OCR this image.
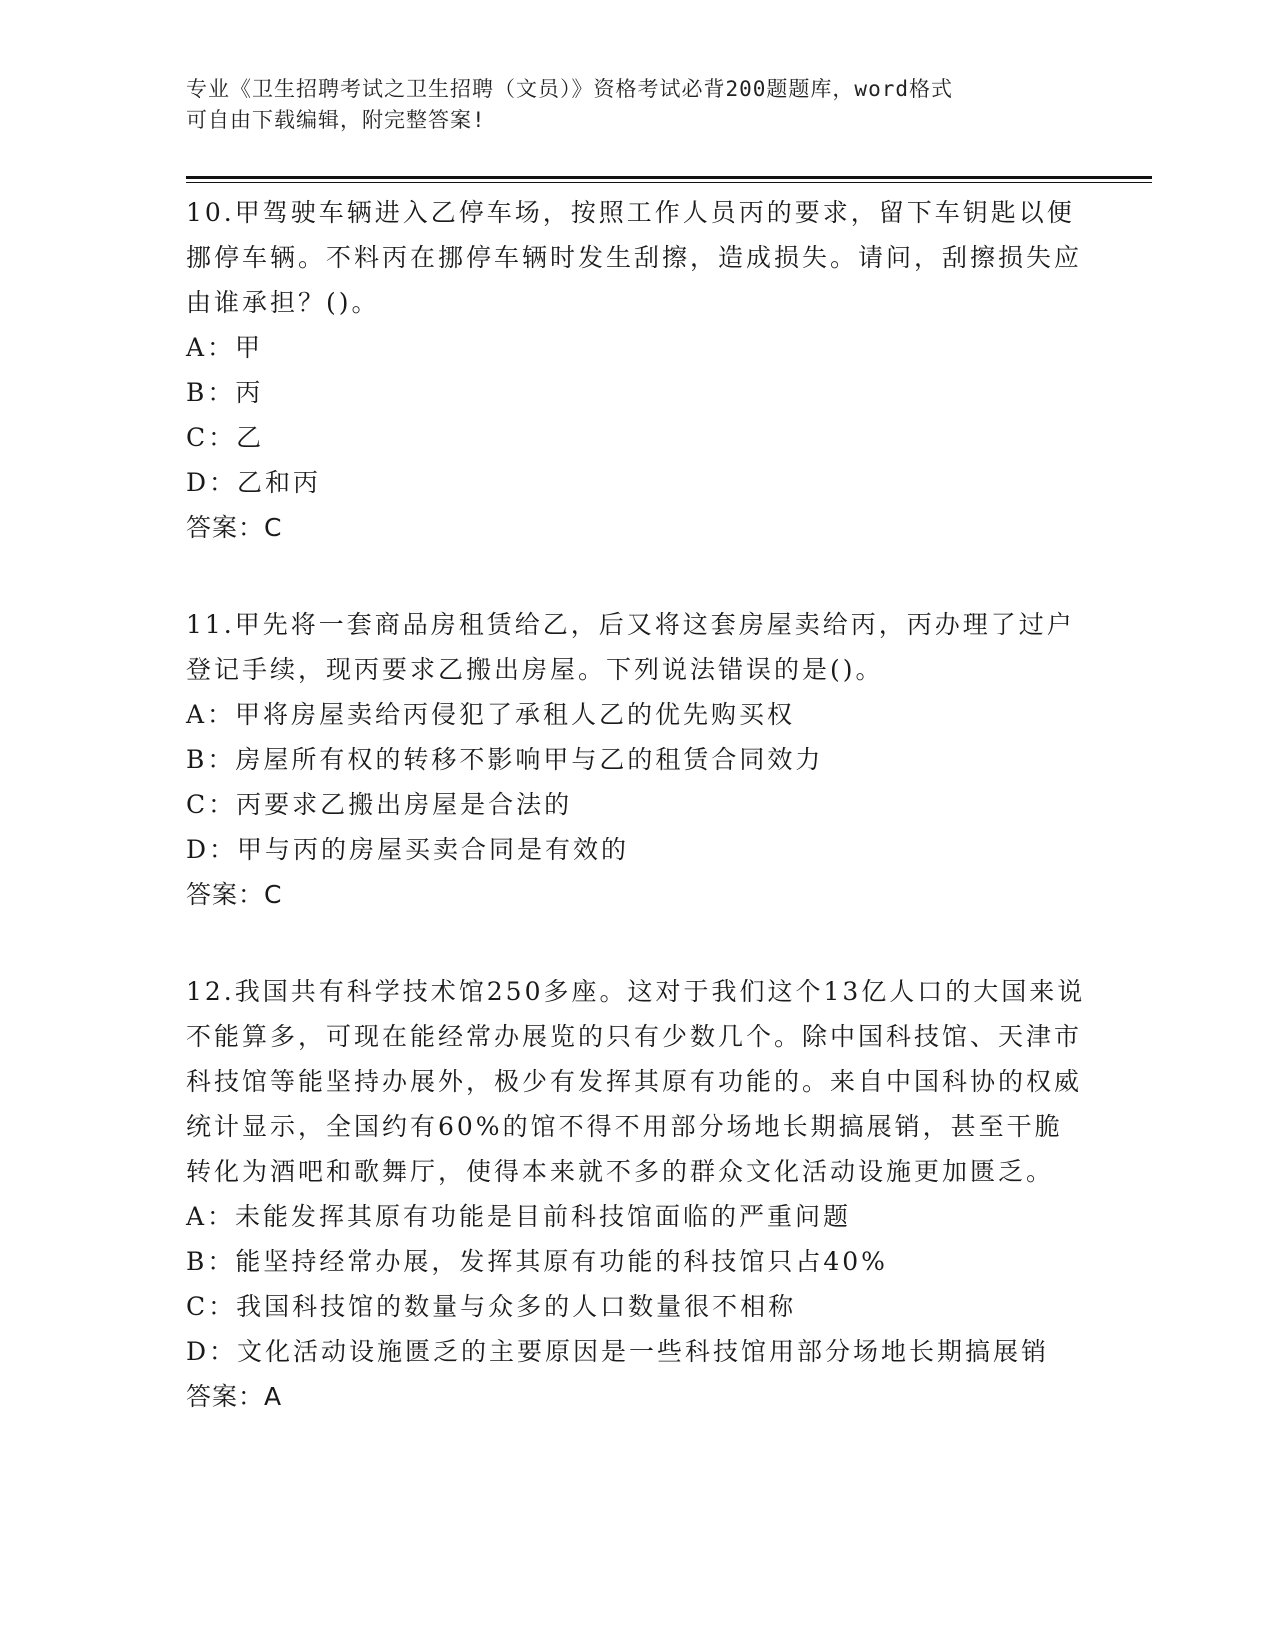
专业《卫生招聘考试之卫生招聘（文员）》资格考试必背200题题库，word格式
可自由下载编辑，附完整答案!

10.甲驾驶车辆进入乙停车场，按照工作人员丙的要求，留下车钥匙以便挪停车辆。不料丙在挪停车辆时发生刮擦，造成损失。请问，刮擦损失应由谁承担？()。

A：甲

B：丙

C：乙

D：乙和丙

答案：C

11.甲先将一套商品房租赁给乙，后又将这套房屋卖给丙，丙办理了过户登记手续，现丙要求乙搬出房屋。下列说法错误的是()。

A：甲将房屋卖给丙侵犯了承租人乙的优先购买权

B：房屋所有权的转移不影响甲与乙的租赁合同效力

C：丙要求乙搬出房屋是合法的

D：甲与丙的房屋买卖合同是有效的

答案：C

12.我国共有科学技术馆250多座。这对于我们这个13亿人口的大国来说不能算多，可现在能经常办展览的只有少数几个。除中国科技馆、天津市科技馆等能坚持办展外，极少有发挥其原有功能的。来自中国科协的权威统计显示，全国约有60%的馆不得不用部分场地长期搞展销，甚至干脆转化为酒吧和歌舞厅，使得本来就不多的群众文化活动设施更加匮乏。

A：未能发挥其原有功能是目前科技馆面临的严重问题

B：能坚持经常办展，发挥其原有功能的科技馆只占40%

C：我国科技馆的数量与众多的人口数量很不相称

D：文化活动设施匮乏的主要原因是一些科技馆用部分场地长期搞展销

答案：A
